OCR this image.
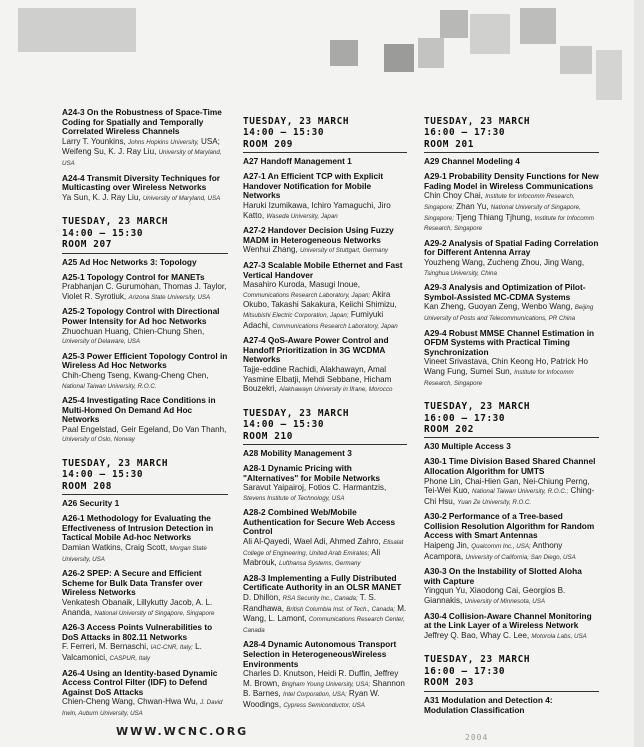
A24-3 On the Robustness of Space-Time Coding for Spatially and Temporally Correlated Wireless Channels
Larry T. Younkins, Johns Hopkins University, USA; Weifeng Su, K. J. Ray Liu, University of Maryland, USA
A24-4 Transmit Diversity Techniques for Multicasting over Wireless Networks
Ya Sun, K. J. Ray Liu, University of Maryland, USA
TUESDAY, 23 MARCH
14:00 – 15:30
ROOM 207
A25 Ad Hoc Networks 3: Topology
A25-1 Topology Control for MANETs
Prabhanjan C. Gurumohan, Thomas J. Taylor, Violet R. Syrotiuk, Arizona State University, USA
A25-2 Topology Control with Directional Power Intensity for Ad hoc Networks
Zhuochuan Huang, Chien-Chung Shen, University of Delaware, USA
A25-3 Power Efficient Topology Control in Wireless Ad Hoc Networks
Chih-Cheng Tseng, Kwang-Cheng Chen, National Taiwan University, R.O.C.
A25-4 Investigating Race Conditions in Multi-Homed On Demand Ad Hoc Networks
Paal Engelstad, Geir Egeland, Do Van Thanh, University of Oslo, Norway
TUESDAY, 23 MARCH
14:00 – 15:30
ROOM 208
A26 Security 1
A26-1 Methodology for Evaluating the Effectiveness of Intrusion Detection in Tactical Mobile Ad-hoc Networks
Damian Watkins, Craig Scott, Morgan State University, USA
A26-2 SPEP: A Secure and Efficient Scheme for Bulk Data Transfer over Wireless Networks
Venkatesh Obanaik, Lillykutty Jacob, A. L. Ananda, National University of Singapore, Singapore
A26-3 Access Points Vulnerabilities to DoS Attacks in 802.11 Networks
F. Ferreri, M. Bernaschi, IAC-CNR, Italy; L. Valcamonici, CASPUR, Italy
A26-4 Using an Identity-based Dynamic Access Control Filter (IDF) to Defend Against DoS Attacks
Chien-Cheng Wang, Chwan-Hwa Wu, J. David Irwin, Auburn University, USA
TUESDAY, 23 MARCH
14:00 – 15:30
ROOM 209
A27 Handoff Management 1
A27-1 An Efficient TCP with Explicit Handover Notification for Mobile Networks
Haruki Izumikawa, Ichiro Yamaguchi, Jiro Katto, Waseda University, Japan
A27-2 Handover Decision Using Fuzzy MADM in Heterogeneous Networks
Wenhui Zhang, University of Stuttgart, Germany
A27-3 Scalable Mobile Ethernet and Fast Vertical Handover
Masahiro Kuroda, Masugi Inoue, Communications Research Laboratory, Japan; Akira Okubo, Takashi Sakakura, Keiichi Shimizu, Mitsubishi Electric Corporation, Japan; Fumiyuki Adachi, Communications Research Laboratory, Japan
A27-4 QoS-Aware Power Control and Handoff Prioritization in 3G WCDMA Networks
Tajje-eddine Rachidi, Alakhawayn, Amal Yasmine Elbatji, Mehdi Sebbane, Hicham Bouzekri, Alakhawayn University in Ifrane, Morocco
TUESDAY, 23 MARCH
14:00 – 15:30
ROOM 210
A28 Mobility Management 3
A28-1 Dynamic Pricing with "Alternatives" for Mobile Networks
Saravut Yaipairoj, Fotios C. Harmantzis, Stevens Institute of Technology, USA
A28-2 Combined Web/Mobile Authentication for Secure Web Access Control
Ali Al-Qayedi, Wael Adi, Ahmed Zahro, Etisalat College of Engineering, United Arab Emirates; Ali Mabrouk, Lufthansa Systems, Germany
A28-3 Implementing a Fully Distributed Certificate Authority in an OLSR MANET
D. Dhillon, RSA Security Inc., Canada; T. S. Randhawa, British Columbia Inst. of Tech., Canada; M. Wang, L. Lamont, Communications Research Center, Canada
A28-4 Dynamic Autonomous Transport Selection in HeterogeneousWireless Environments
Charles D. Knutson, Heidi R. Duffin, Jeffrey M. Brown, Brigham Young University, USA; Shannon B. Barnes, Intel Corporation, USA; Ryan W. Woodings, Cypress Semiconductor, USA
TUESDAY, 23 MARCH
16:00 – 17:30
ROOM 201
A29 Channel Modeling 4
A29-1 Probability Density Functions for New Fading Model in Wireless Communications
Chin Choy Chai, Institute for Infocomm Research, Singapore; Zhan Yu, National University of Singapore, Singapore; Tjeng Thiang Tjhung, Institute for Infocomm Research, Singapore
A29-2 Analysis of Spatial Fading Correlation for Different Antenna Array
Youzheng Wang, Zucheng Zhou, Jing Wang, Tsinghua University, China
A29-3 Analysis and Optimization of Pilot-Symbol-Assisted MC-CDMA Systems
Kan Zheng, Guoyan Zeng, Wenbo Wang, Beijing University of Posts and Telecommunications, PR China
A29-4 Robust MMSE Channel Estimation in OFDM Systems with Practical Timing Synchronization
Vineet Srivastava, Chin Keong Ho, Patrick Ho Wang Fung, Sumei Sun, Institute for Infocomm Research, Singapore
TUESDAY, 23 MARCH
16:00 – 17:30
ROOM 202
A30 Multiple Access 3
A30-1 Time Division Based Shared Channel Allocation Algorithm for UMTS
Phone Lin, Chai-Hien Gan, Nei-Chiung Perng, Tei-Wei Kuo, National Taiwan University, R.O.C.; Ching-Chi Hsu, Yuan Ze University, R.O.C.
A30-2 Performance of a Tree-based Collision Resolution Algorithm for Random Access with Smart Antennas
Haipeng Jin, Qualcomm Inc., USA; Anthony Acampora, University of California, San Diego, USA
A30-3 On the Instability of Slotted Aloha with Capture
Yingqun Yu, Xiaodong Cai, Georgios B. Giannakis, University of Minnesota, USA
A30-4 Collision-Aware Channel Monitoring at the Link Layer of a Wireless Network
Jeffrey Q. Bao, Whay C. Lee, Motorola Labs, USA
TUESDAY, 23 MARCH
16:00 – 17:30
ROOM 203
A31 Modulation and Detection 4: Modulation Classification
WWW.WCNC.ORG	2004
